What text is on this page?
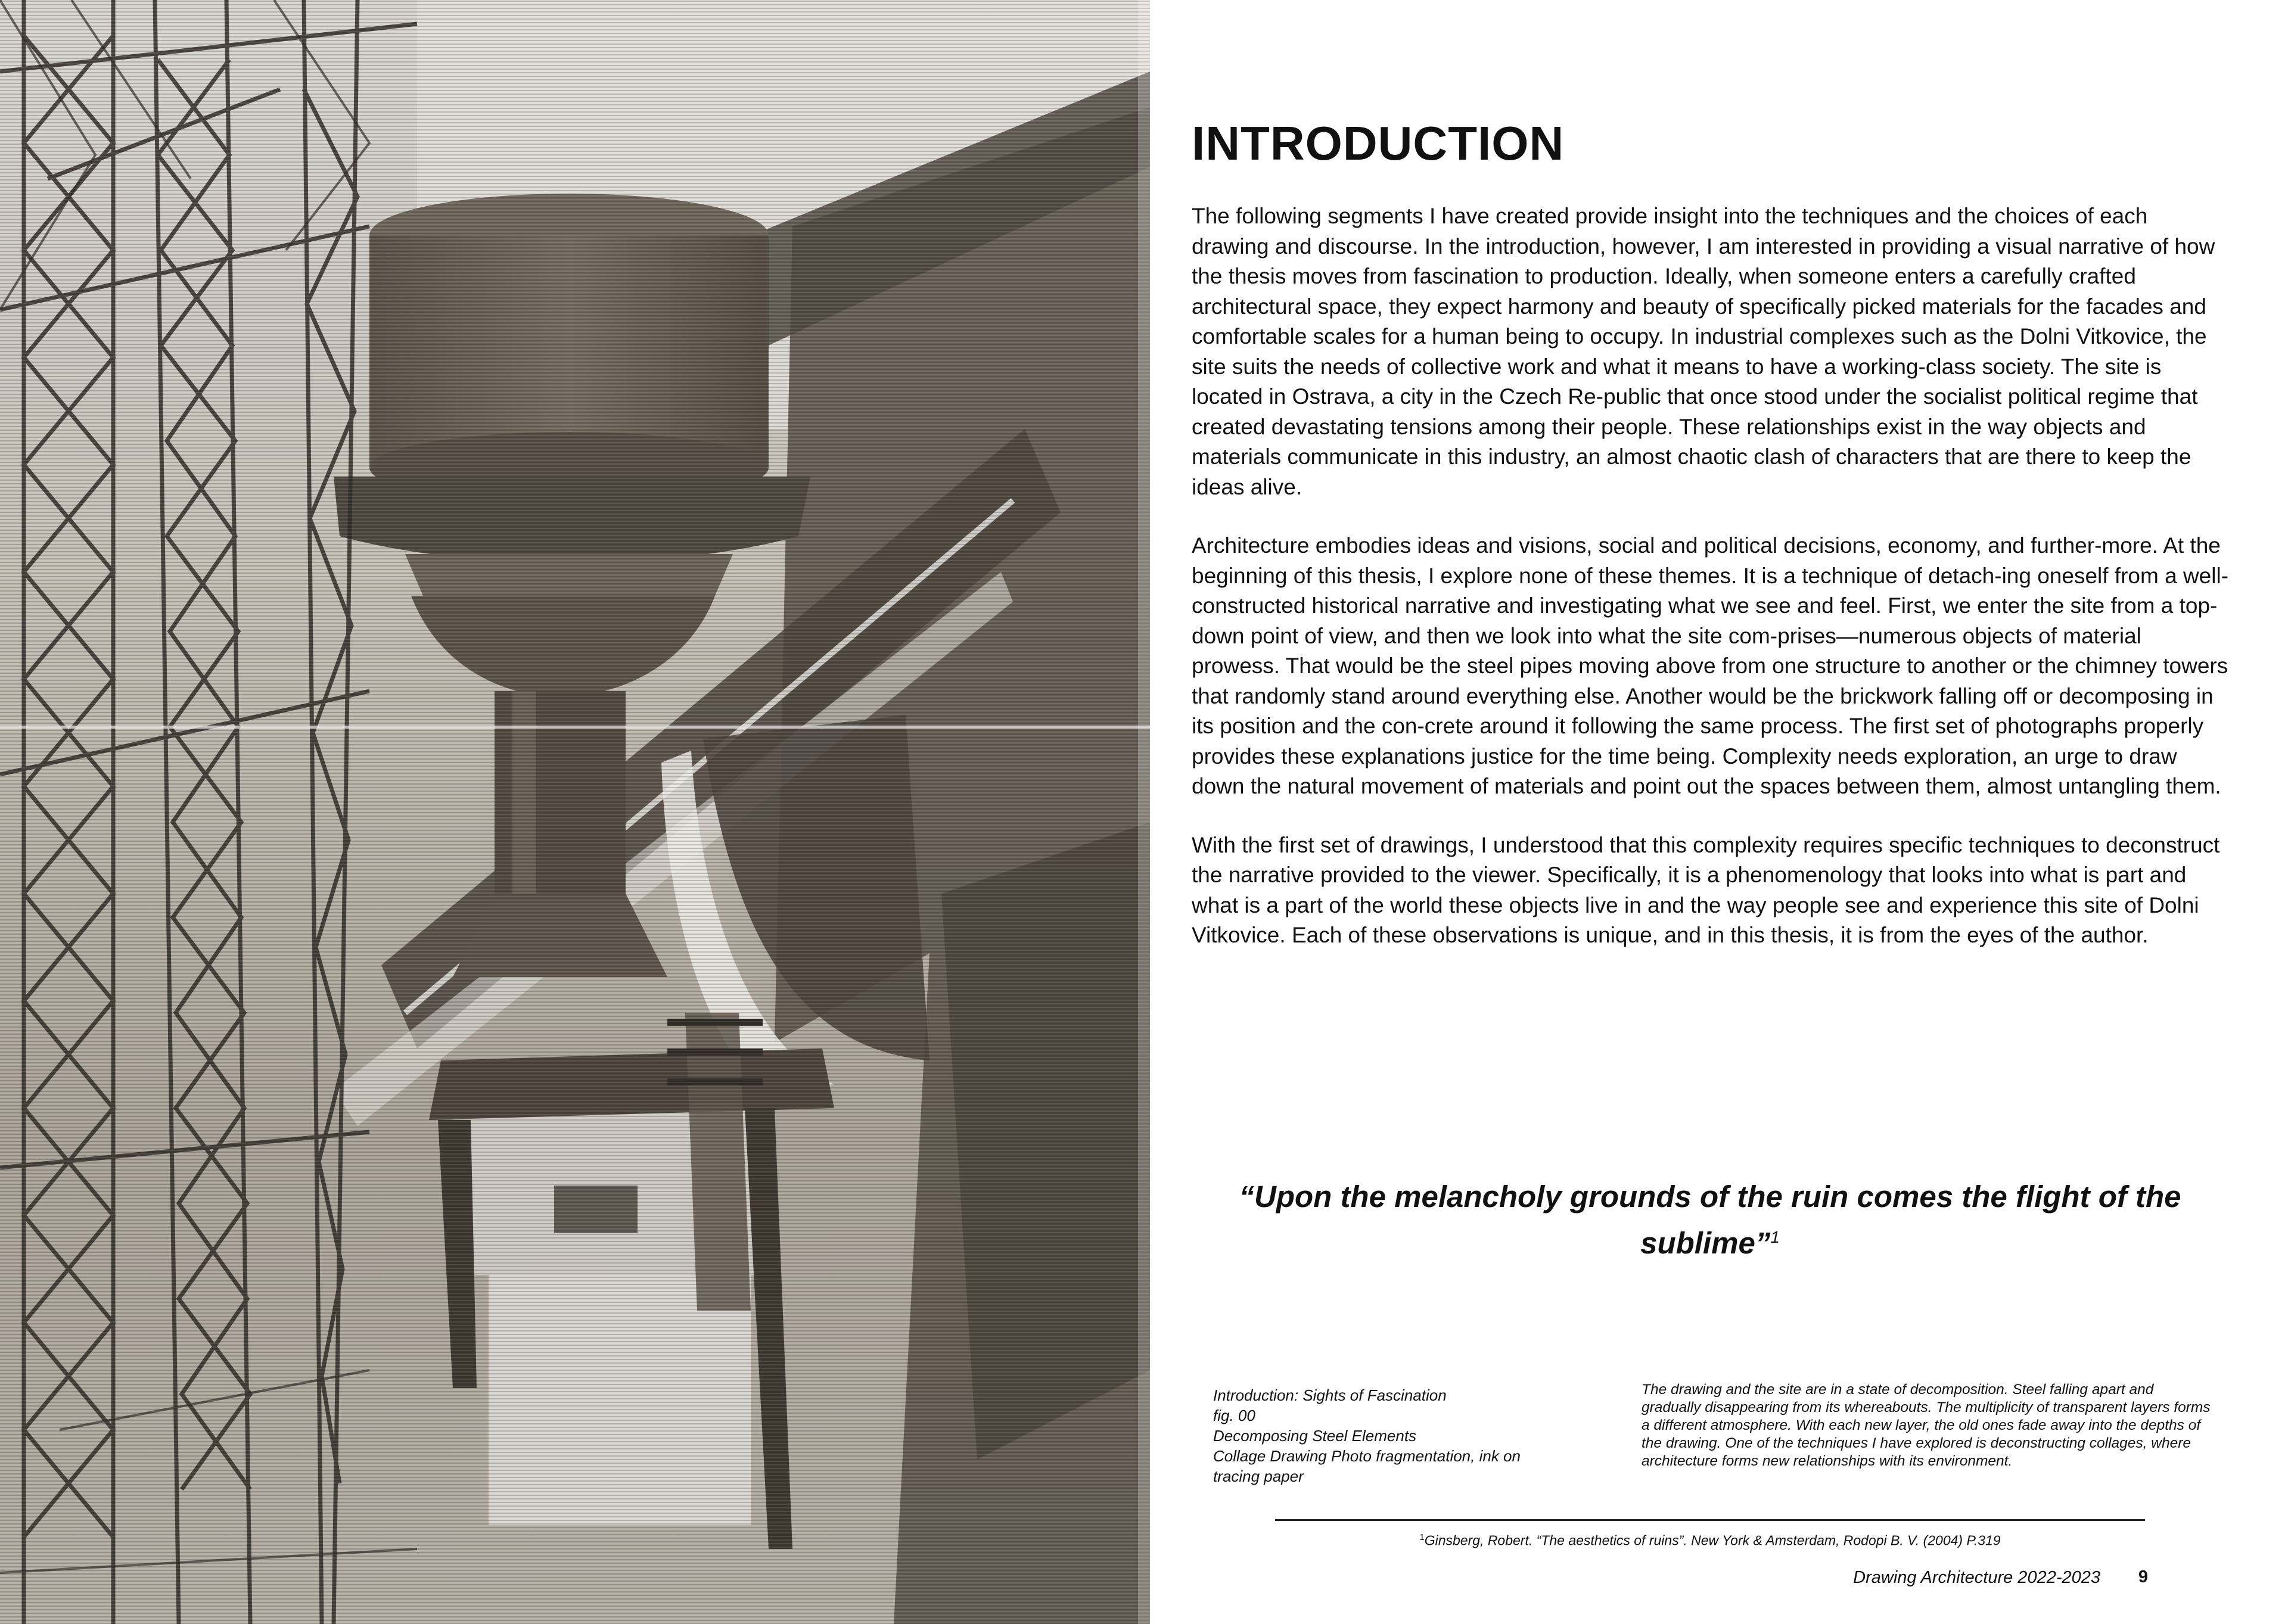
INTRODUCTION

The following segments I have created provide insight into the techniques and the choices of each drawing and discourse. In the introduction, however, I am interested in providing a visual narrative of how the thesis moves from fascination to production. Ideally, when someone enters a carefully crafted architectural space, they expect harmony and beauty of specifically picked materials for the facades and comfortable scales for a human being to occupy. In industrial complexes such as the Dolni Vitkovice, the site suits the needs of collective work and what it means to have a working-class society. The site is located in Ostrava, a city in the Czech Re-public that once stood under the socialist political regime that created devastating tensions among their people. These relationships exist in the way objects and materials communicate in this industry, an almost chaotic clash of characters that are there to keep the ideas alive.

Architecture embodies ideas and visions, social and political decisions, economy, and further-more. At the beginning of this thesis, I explore none of these themes. It is a technique of detach-ing oneself from a well-constructed historical narrative and investigating what we see and feel. First, we enter the site from a top-down point of view, and then we look into what the site com-prises—numerous objects of material prowess. That would be the steel pipes moving above from one structure to another or the chimney towers that randomly stand around everything else. Another would be the brickwork falling off or decomposing in its position and the con-crete around it following the same process. The first set of photographs properly provides these explanations justice for the time being. Complexity needs exploration, an urge to draw down the natural movement of materials and point out the spaces between them, almost untangling them.

With the first set of drawings, I understood that this complexity requires specific techniques to deconstruct the narrative provided to the viewer. Specifically, it is a phenomenology that looks into what is part and what is a part of the world these objects live in and the way people see and experience this site of Dolni Vitkovice. Each of these observations is unique, and in this thesis, it is from the eyes of the author.

“Upon the melancholy grounds of the ruin comes the flight of the sublime”$^1$
Introduction: Sights of Fascination
fig. 00
Decomposing Steel Elements
Collage Drawing Photo fragmentation, ink on
tracing paper
The drawing and the site are in a state of decomposition. Steel falling apart and gradually disappearing from its whereabouts. The multiplicity of transparent layers forms a different atmosphere. With each new layer, the old ones fade away into the depths of the drawing. One of the techniques I have explored is deconstructing collages, where architecture forms new relationships with its environment.
$^1$Ginsberg, Robert. “The aesthetics of ruins”. New York & Amsterdam, Rodopi B. V. (2004) P.319
Drawing Architecture 2022-2023 9
